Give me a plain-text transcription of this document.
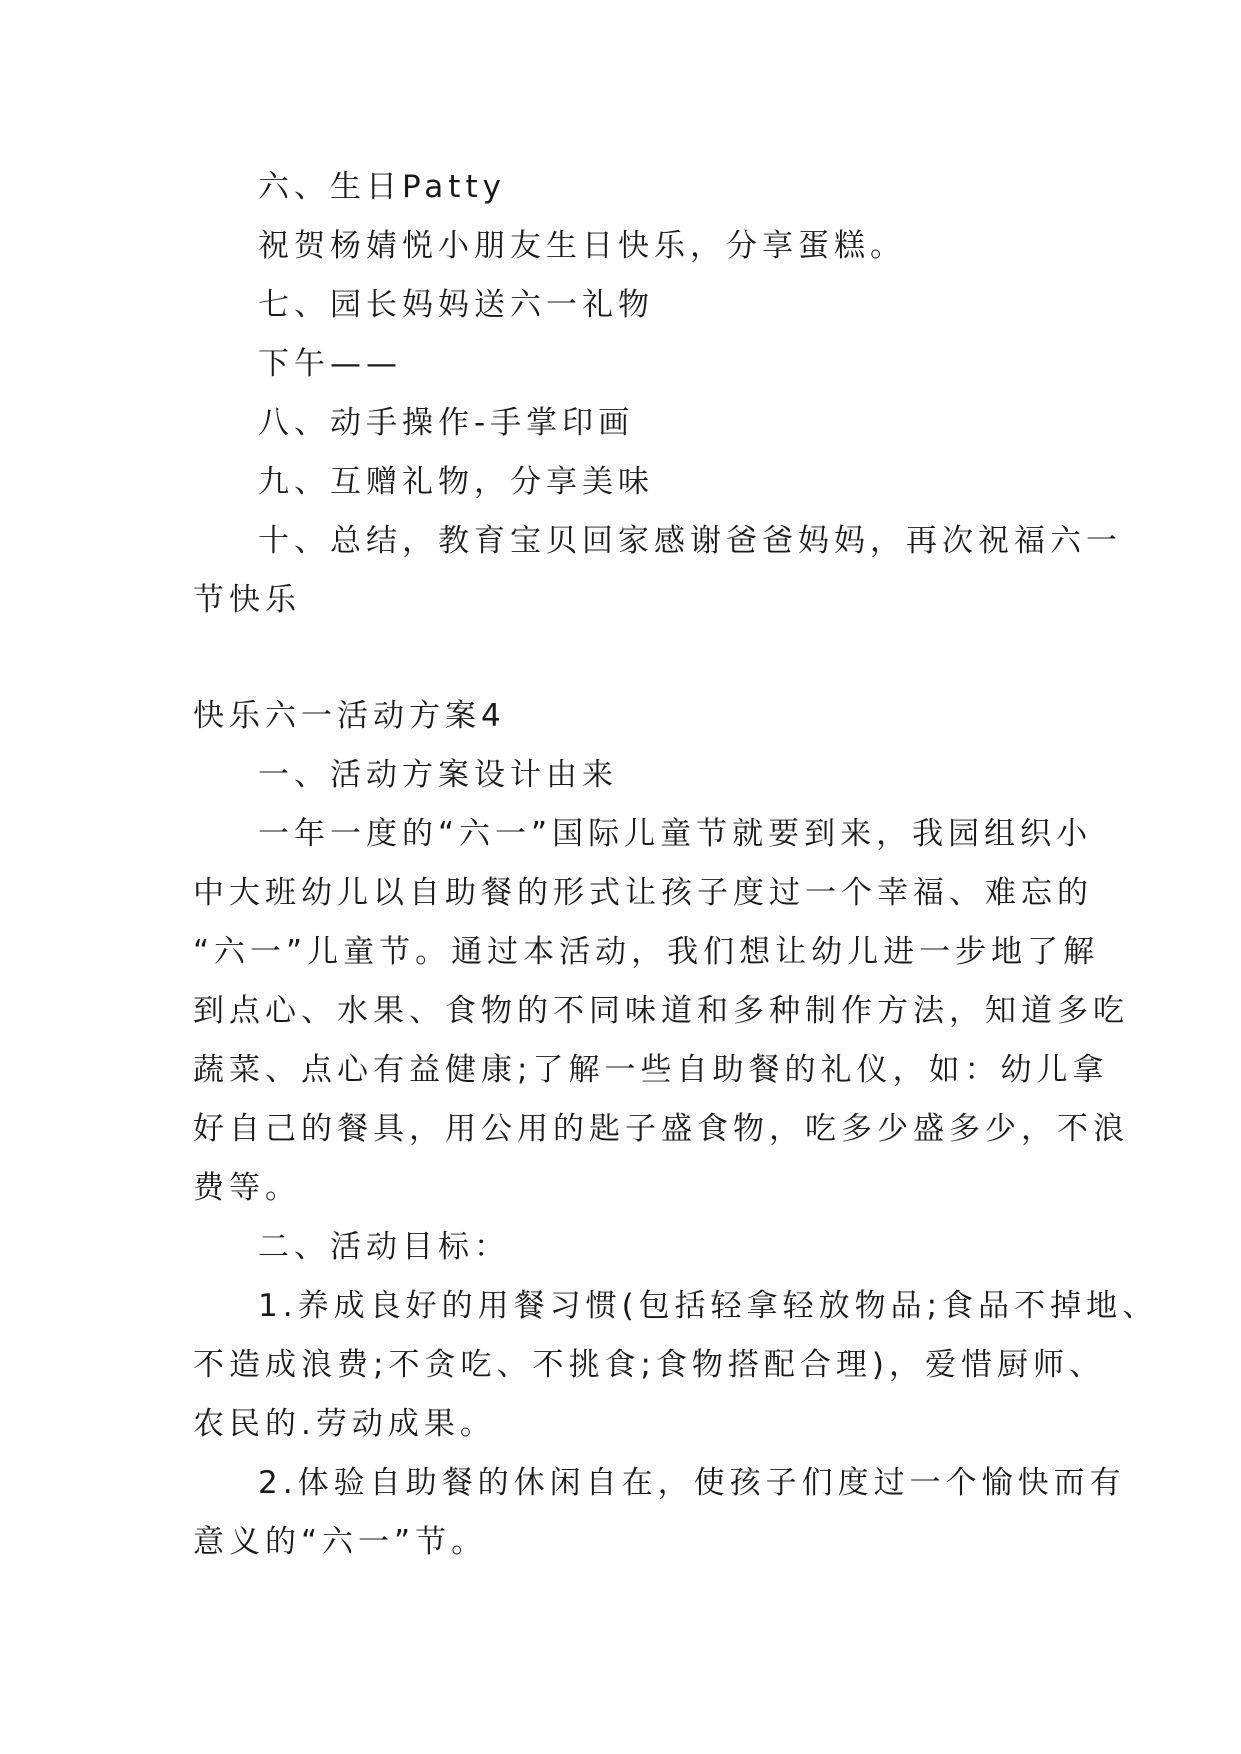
六、生日Patty
祝贺杨婧悦小朋友生日快乐，分享蛋糕。
七、园长妈妈送六一礼物
下午——
八、动手操作-手掌印画
九、互赠礼物，分享美味
十、总结，教育宝贝回家感谢爸爸妈妈，再次祝福六一
节快乐
快乐六一活动方案4
一、活动方案设计由来
一年一度的“六一”国际儿童节就要到来，我园组织小
中大班幼儿以自助餐的形式让孩子度过一个幸福、难忘的
“六一”儿童节。通过本活动，我们想让幼儿进一步地了解
到点心、水果、食物的不同味道和多种制作方法，知道多吃
蔬菜、点心有益健康;了解一些自助餐的礼仪，如：幼儿拿
好自己的餐具，用公用的匙子盛食物，吃多少盛多少，不浪
费等。
二、活动目标：
1.养成良好的用餐习惯(包括轻拿轻放物品;食品不掉地、
不造成浪费;不贪吃、不挑食;食物搭配合理)，爱惜厨师、
农民的.劳动成果。
2.体验自助餐的休闲自在，使孩子们度过一个愉快而有
意义的“六一”节。
